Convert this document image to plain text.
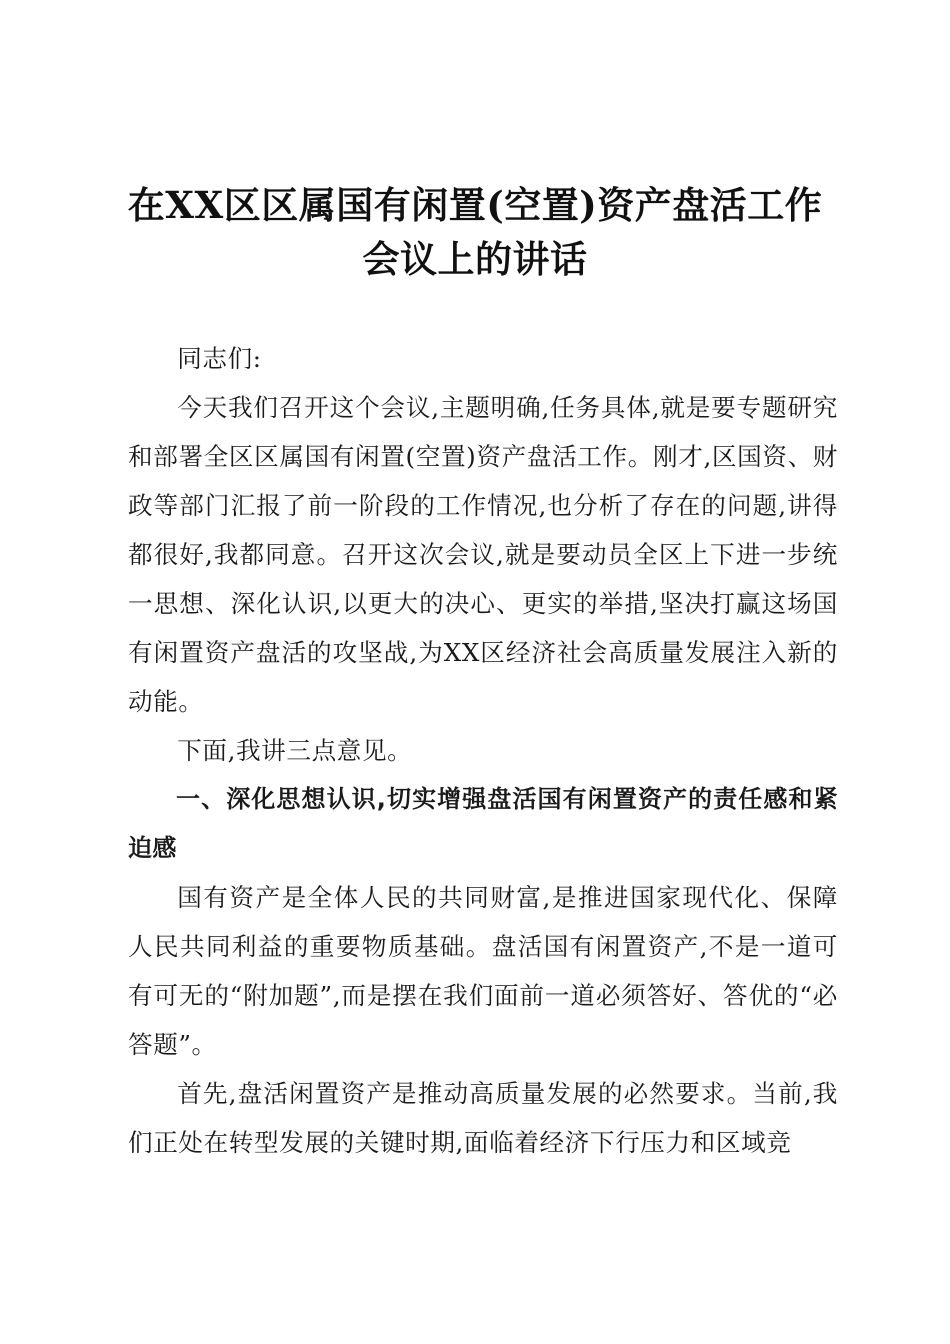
在XX区区属国有闲置(空置)资产盘活工作会议上的讲话

同志们:

今天我们召开这个会议,主题明确,任务具体,就是要专题研究和部署全区区属国有闲置(空置)资产盘活工作。刚才,区国资、财政等部门汇报了前一阶段的工作情况,也分析了存在的问题,讲得都很好,我都同意。召开这次会议,就是要动员全区上下进一步统一思想、深化认识,以更大的决心、更实的举措,坚决打赢这场国有闲置资产盘活的攻坚战,为XX区经济社会高质量发展注入新的动能。

下面,我讲三点意见。

一、深化思想认识,切实增强盘活国有闲置资产的责任感和紧迫感

国有资产是全体人民的共同财富,是推进国家现代化、保障人民共同利益的重要物质基础。盘活国有闲置资产,不是一道可有可无的“附加题”,而是摆在我们面前一道必须答好、答优的“必答题”。

首先,盘活闲置资产是推动高质量发展的必然要求。当前,我们正处在转型发展的关键时期,面临着经济下行压力和区域竞
